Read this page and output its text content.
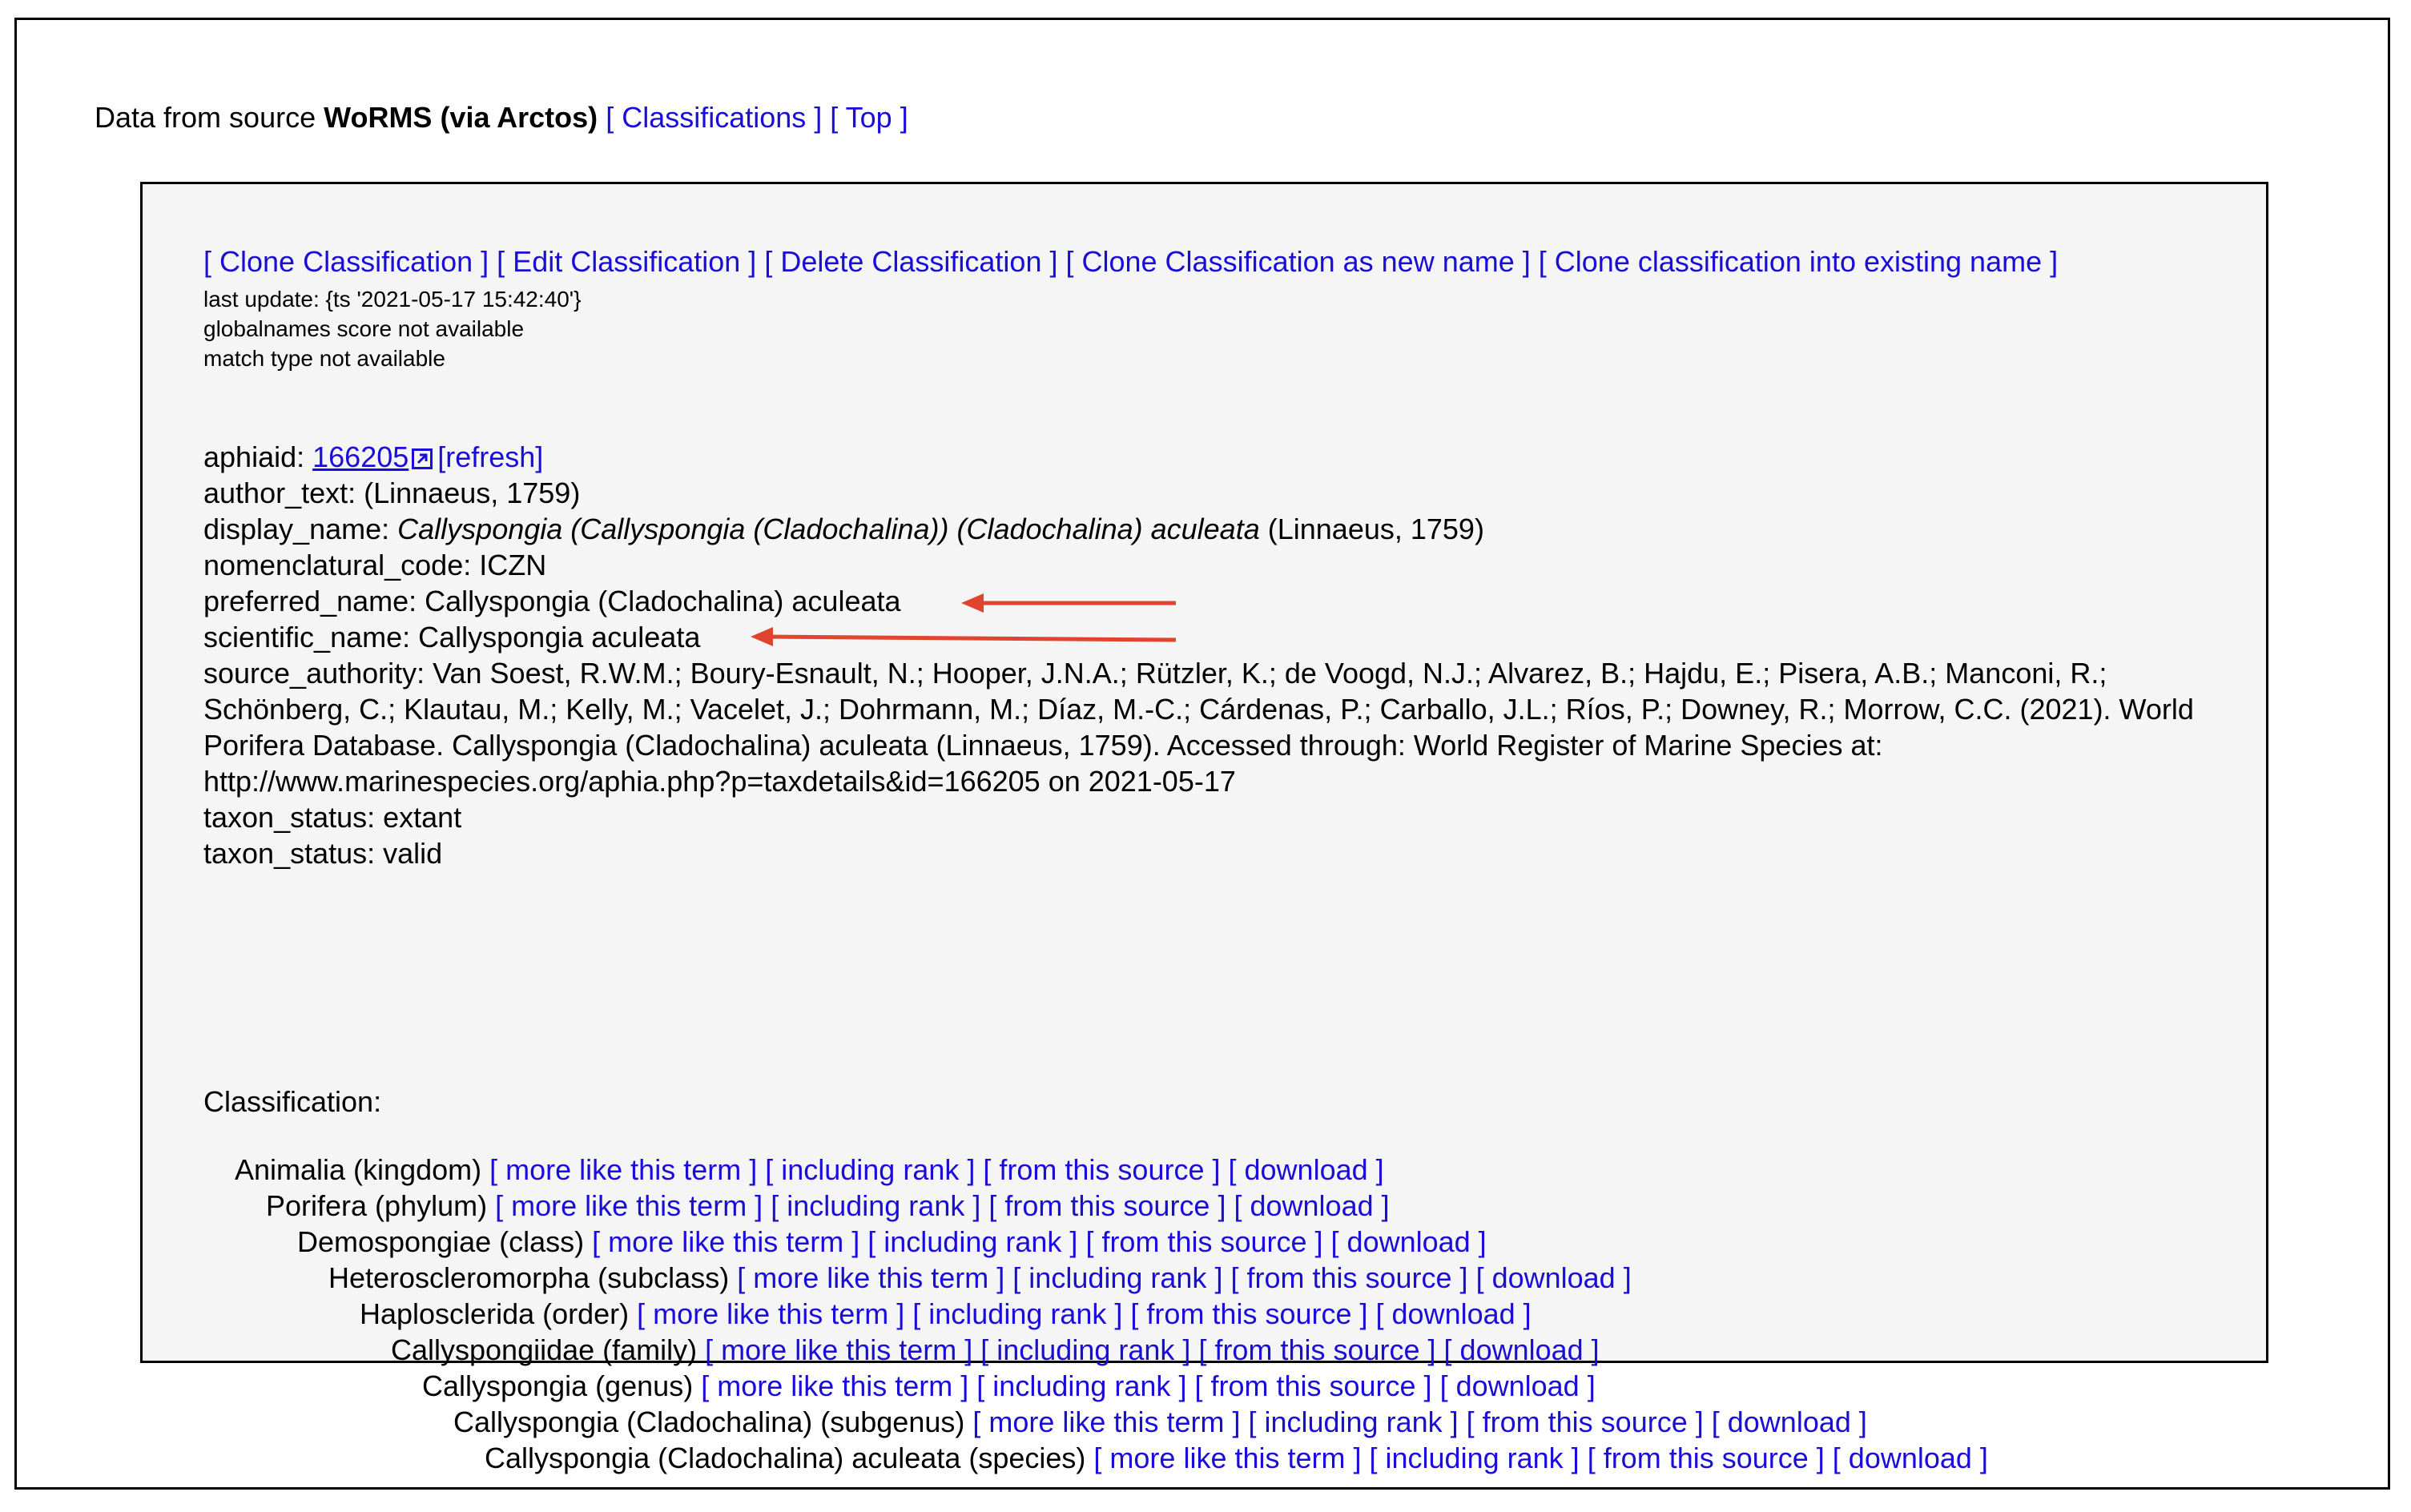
Data from source WoRMS (via Arctos) [ Classifications ] [ Top ]
[ Clone Classification ] [ Edit Classification ] [ Delete Classification ] [ Clone Classification as new name ] [ Clone classification into existing name ]
last update: {ts '2021-05-17 15:42:40'}
globalnames score not available
match type not available
aphiaid: 166205 [refresh]
author_text: (Linnaeus, 1759)
display_name: Callyspongia (Callyspongia (Cladochalina)) (Cladochalina) aculeata (Linnaeus, 1759)
nomenclatural_code: ICZN
preferred_name: Callyspongia (Cladochalina) aculeata
scientific_name: Callyspongia aculeata
source_authority: Van Soest, R.W.M.; Boury-Esnault, N.; Hooper, J.N.A.; Rützler, K.; de Voogd, N.J.; Alvarez, B.; Hajdu, E.; Pisera, A.B.; Manconi, R.; Schönberg, C.; Klautau, M.; Kelly, M.; Vacelet, J.; Dohrmann, M.; Díaz, M.-C.; Cárdenas, P.; Carballo, J.L.; Ríos, P.; Downey, R.; Morrow, C.C. (2021). World Porifera Database. Callyspongia (Cladochalina) aculeata (Linnaeus, 1759). Accessed through: World Register of Marine Species at: http://www.marinespecies.org/aphia.php?p=taxdetails&id=166205 on 2021-05-17
taxon_status: extant
taxon_status: valid
Classification:
Animalia (kingdom) [ more like this term ] [ including rank ] [ from this source ] [ download ]
Porifera (phylum) [ more like this term ] [ including rank ] [ from this source ] [ download ]
Demospongiae (class) [ more like this term ] [ including rank ] [ from this source ] [ download ]
Heteroscleromorpha (subclass) [ more like this term ] [ including rank ] [ from this source ] [ download ]
Haplosclerida (order) [ more like this term ] [ including rank ] [ from this source ] [ download ]
Callyspongiidae (family) [ more like this term ] [ including rank ] [ from this source ] [ download ]
Callyspongia (genus) [ more like this term ] [ including rank ] [ from this source ] [ download ]
Callyspongia (Cladochalina) (subgenus) [ more like this term ] [ including rank ] [ from this source ] [ download ]
Callyspongia (Cladochalina) aculeata (species) [ more like this term ] [ including rank ] [ from this source ] [ download ]
